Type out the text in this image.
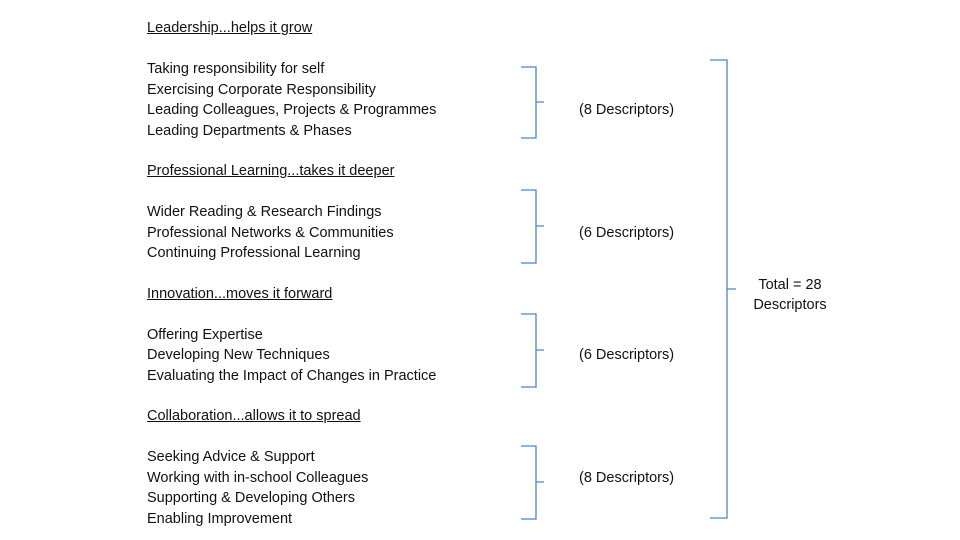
Leadership...helps it grow
Taking responsibility for self
Exercising Corporate Responsibility
Leading Colleagues, Projects & Programmes
Leading Departments & Phases
(8 Descriptors)
Professional Learning...takes it deeper
Wider Reading & Research Findings
Professional Networks & Communities
Continuing Professional Learning
(6 Descriptors)
Innovation...moves it forward
Offering Expertise
Developing New Techniques
Evaluating the Impact of Changes in Practice
(6 Descriptors)
Collaboration...allows it to spread
Seeking Advice & Support
Working with in-school Colleagues
Supporting & Developing Others
Enabling Improvement
(8 Descriptors)
Total = 28
Descriptors
